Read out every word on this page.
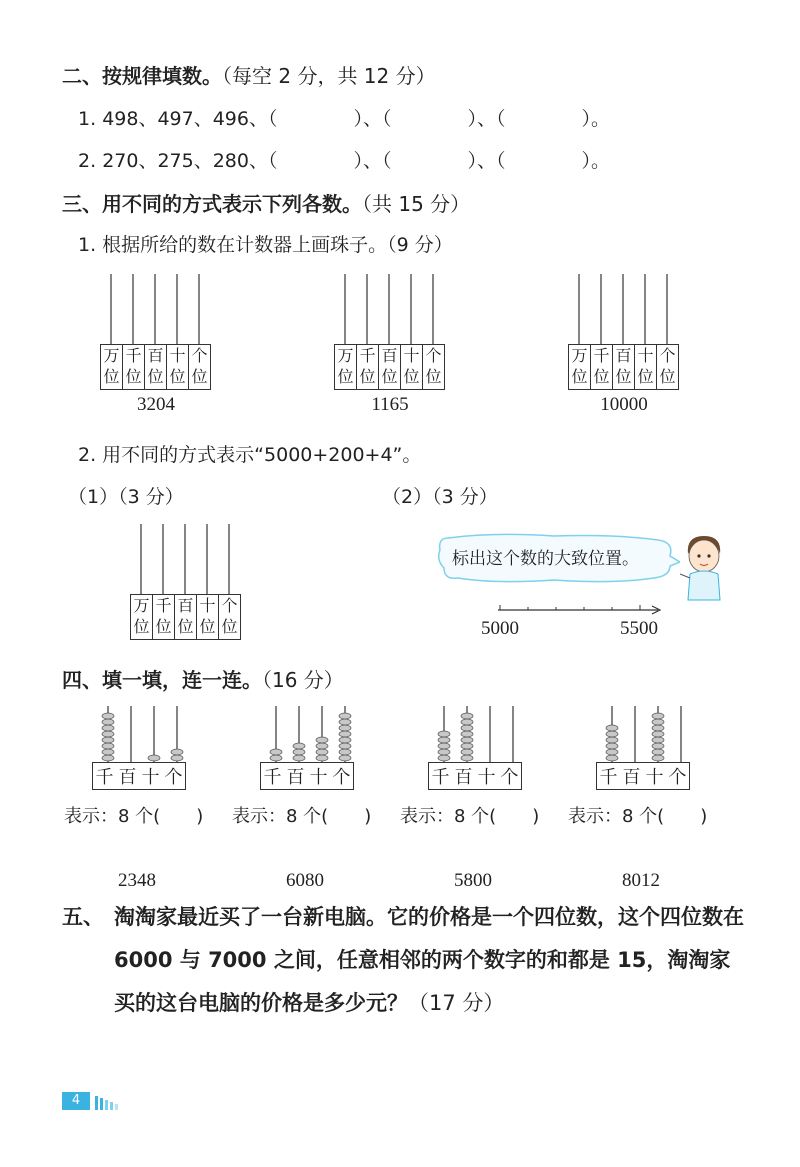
二、按规律填数。（每空 2 分，共 12 分）
1. 498、497、496、（	）、（	）、（	）。
2. 270、275、280、（	）、（	）、（	）。
三、用不同的方式表示下列各数。（共 15 分）
1. 根据所给的数在计数器上画珠子。（9 分）
万位
千位
百位
十位
个位
3204
万位
千位
百位
十位
个位
1165
万位
千位
百位
十位
个位
10000
2. 用不同的方式表示“5000+200+4”。
（1）（3 分）	（2）（3 分）
万位
千位
百位
十位
个位
标出这个数的大致位置。
5000	5500
四、填一填，连一连。（16 分）
千 百 十 个
表示：8 个(　　)
2348
千 百 十 个
表示：8 个(　　)
6080
千 百 十 个
表示：8 个(　　)
5800
千 百 十 个
表示：8 个(　　)
8012
五、 淘淘家最近买了一台新电脑。它的价格是一个四位数，这个四位数在 6000 与 7000 之间，任意相邻的两个数字的和都是 15，淘淘家买的这台电脑的价格是多少元？（17 分）
4
